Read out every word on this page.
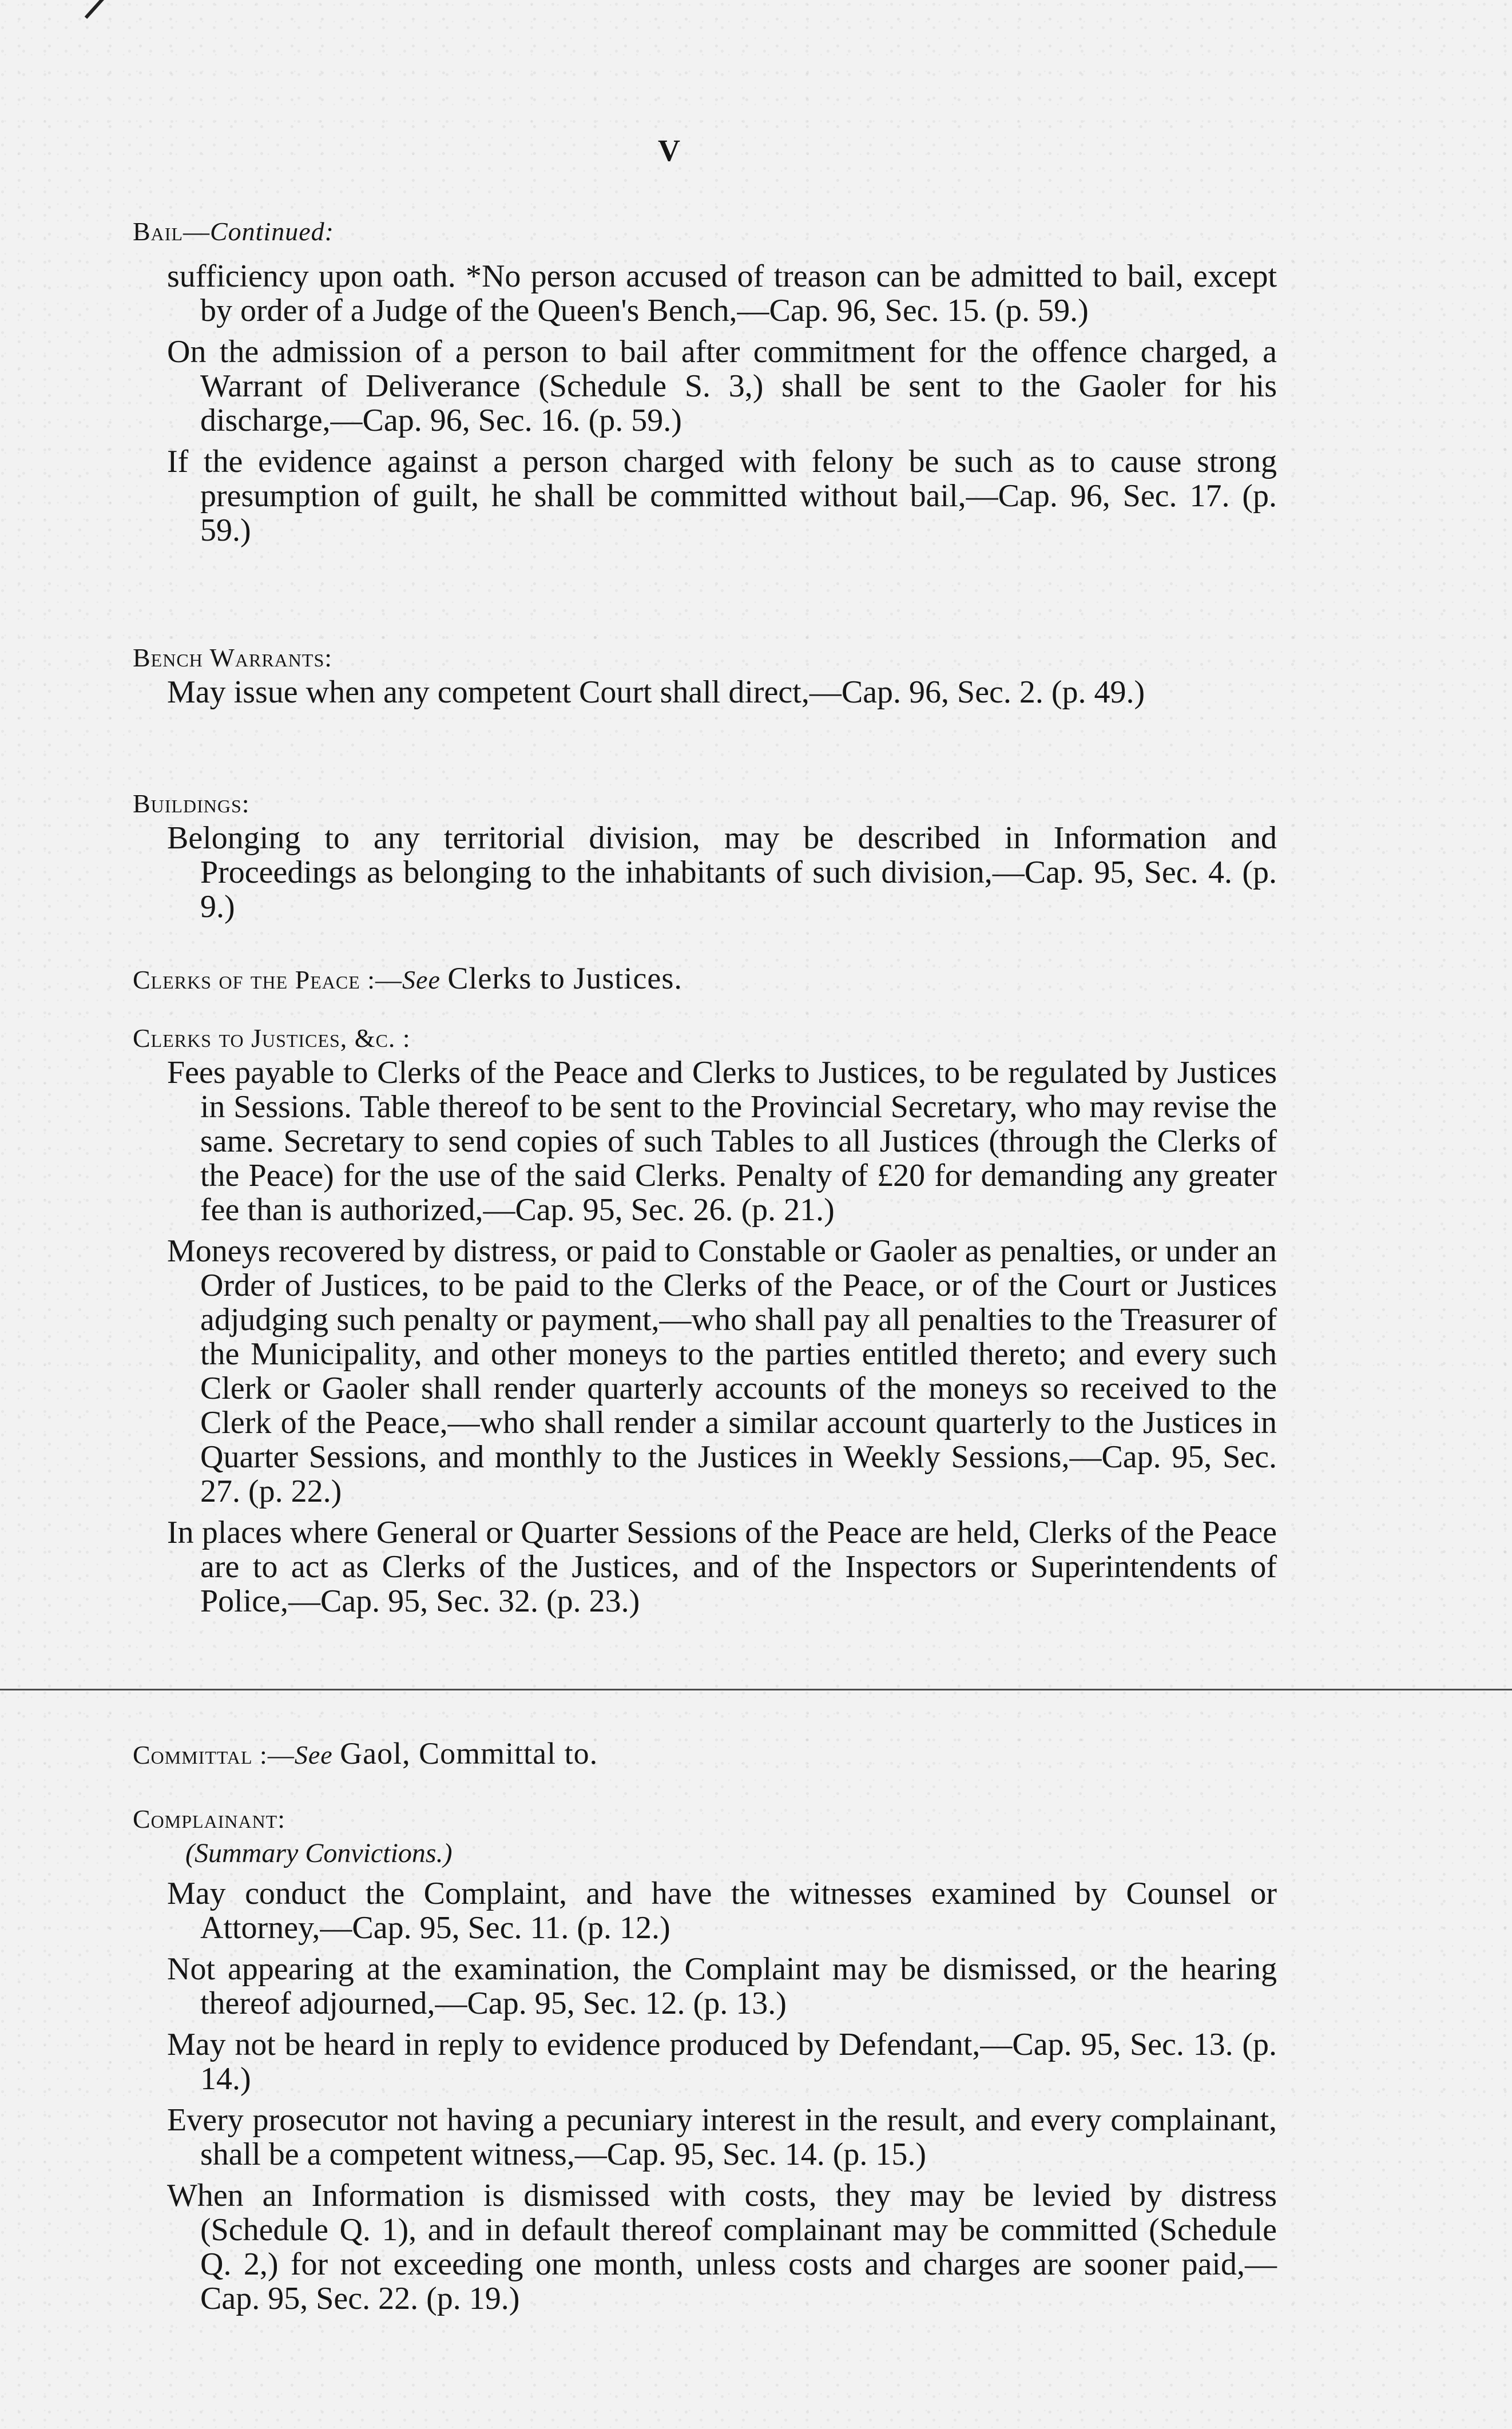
V

Bail—Continued:

sufficiency upon oath. *No person accused of treason can be admitted to bail, except by order of a Judge of the Queen's Bench,—Cap. 96, Sec. 15. (p. 59.)

On the admission of a person to bail after commitment for the offence charged, a Warrant of Deliverance (Schedule S. 3,) shall be sent to the Gaoler for his discharge,—Cap. 96, Sec. 16. (p. 59.)

If the evidence against a person charged with felony be such as to cause strong presumption of guilt, he shall be committed without bail,—Cap. 96, Sec. 17. (p. 59.)

Bench Warrants:

May issue when any competent Court shall direct,—Cap. 96, Sec. 2. (p. 49.)

Buildings:

Belonging to any territorial division, may be described in Information and Proceedings as belonging to the inhabitants of such division,—Cap. 95, Sec. 4. (p. 9.)

Clerks of the Peace :—See Clerks to Justices.

Clerks to Justices, &c. :

Fees payable to Clerks of the Peace and Clerks to Justices, to be regulated by Justices in Sessions. Table thereof to be sent to the Provincial Secretary, who may revise the same. Secretary to send copies of such Tables to all Justices (through the Clerks of the Peace) for the use of the said Clerks. Penalty of £20 for demanding any greater fee than is authorized,—Cap. 95, Sec. 26. (p. 21.)

Moneys recovered by distress, or paid to Constable or Gaoler as penalties, or under an Order of Justices, to be paid to the Clerks of the Peace, or of the Court or Justices adjudging such penalty or payment,—who shall pay all penalties to the Treasurer of the Municipality, and other moneys to the parties entitled thereto; and every such Clerk or Gaoler shall render quarterly accounts of the moneys so received to the Clerk of the Peace,—who shall render a similar account quarterly to the Justices in Quarter Sessions, and monthly to the Justices in Weekly Sessions,—Cap. 95, Sec. 27. (p. 22.)

In places where General or Quarter Sessions of the Peace are held, Clerks of the Peace are to act as Clerks of the Justices, and of the Inspectors or Superintendents of Police,—Cap. 95, Sec. 32. (p. 23.)

Committal :—See Gaol, Committal to.

Complainant:

(Summary Convictions.)

May conduct the Complaint, and have the witnesses examined by Counsel or Attorney,—Cap. 95, Sec. 11. (p. 12.)

Not appearing at the examination, the Complaint may be dismissed, or the hearing thereof adjourned,—Cap. 95, Sec. 12. (p. 13.)

May not be heard in reply to evidence produced by Defendant,—Cap. 95, Sec. 13. (p. 14.)

Every prosecutor not having a pecuniary interest in the result, and every complainant, shall be a competent witness,—Cap. 95, Sec. 14. (p. 15.)

When an Information is dismissed with costs, they may be levied by distress (Schedule Q. 1), and in default thereof complainant may be committed (Schedule Q. 2,) for not exceeding one month, unless costs and charges are sooner paid,—Cap. 95, Sec. 22. (p. 19.)
